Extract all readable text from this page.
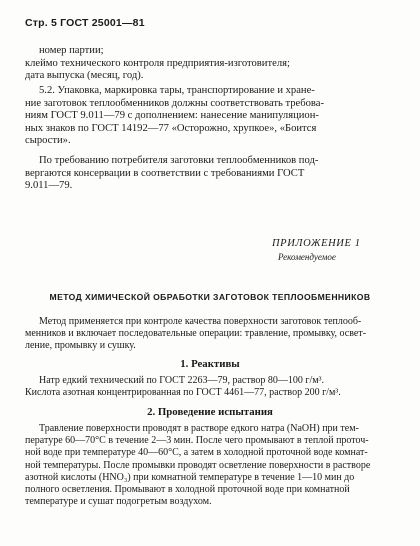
Стр. 5 ГОСТ 25001—81
номер партии;
клеймо технического контроля предприятия-изготовителя;
дата выпуска (месяц, год).
5.2. Упаковка, маркировка тары, транспортирование и хране-
ние заготовок теплообменников должны соответствовать требова-
ниям ГОСТ 9.011—79 с дополнением: нанесение манипуляцион-
ных знаков по ГОСТ 14192—77 «Осторожно, хрупкое», «Боится
сырости».
По требованию потребителя заготовки теплообменников под-
вергаются консервации в соответствии с требованиями ГОСТ
9.011—79.
ПРИЛОЖЕНИЕ 1
Рекомендуемое
МЕТОД ХИМИЧЕСКОЙ ОБРАБОТКИ ЗАГОТОВОК ТЕПЛООБМЕННИКОВ
Метод применяется при контроле качества поверхности заготовок теплооб-
менников и включает последовательные операции: травление, промывку, освет-
ление, промывку и сушку.
1. Реактивы
Натр едкий технический по ГОСТ 2263—79, раствор 80—100 г/м³.
Кислота азотная концентрированная по ГОСТ 4461—77, раствор 200 г/м³.
2. Проведение испытания
Травление поверхности проводят в растворе едкого натра (NaOH) при тем-
пературе 60—70°С в течение 2—3 мин. После чего промывают в теплой проточ-
ной воде при температуре 40—60°С, а затем в холодной проточной воде комнат-
ной температуры. После промывки проводят осветление поверхности в растворе
азотной кислоты (HNO₃) при комнатной температуре в течение 1—10 мин до
полного осветления. Промывают в холодной проточной воде при комнатной
температуре и сушат подогретым воздухом.
